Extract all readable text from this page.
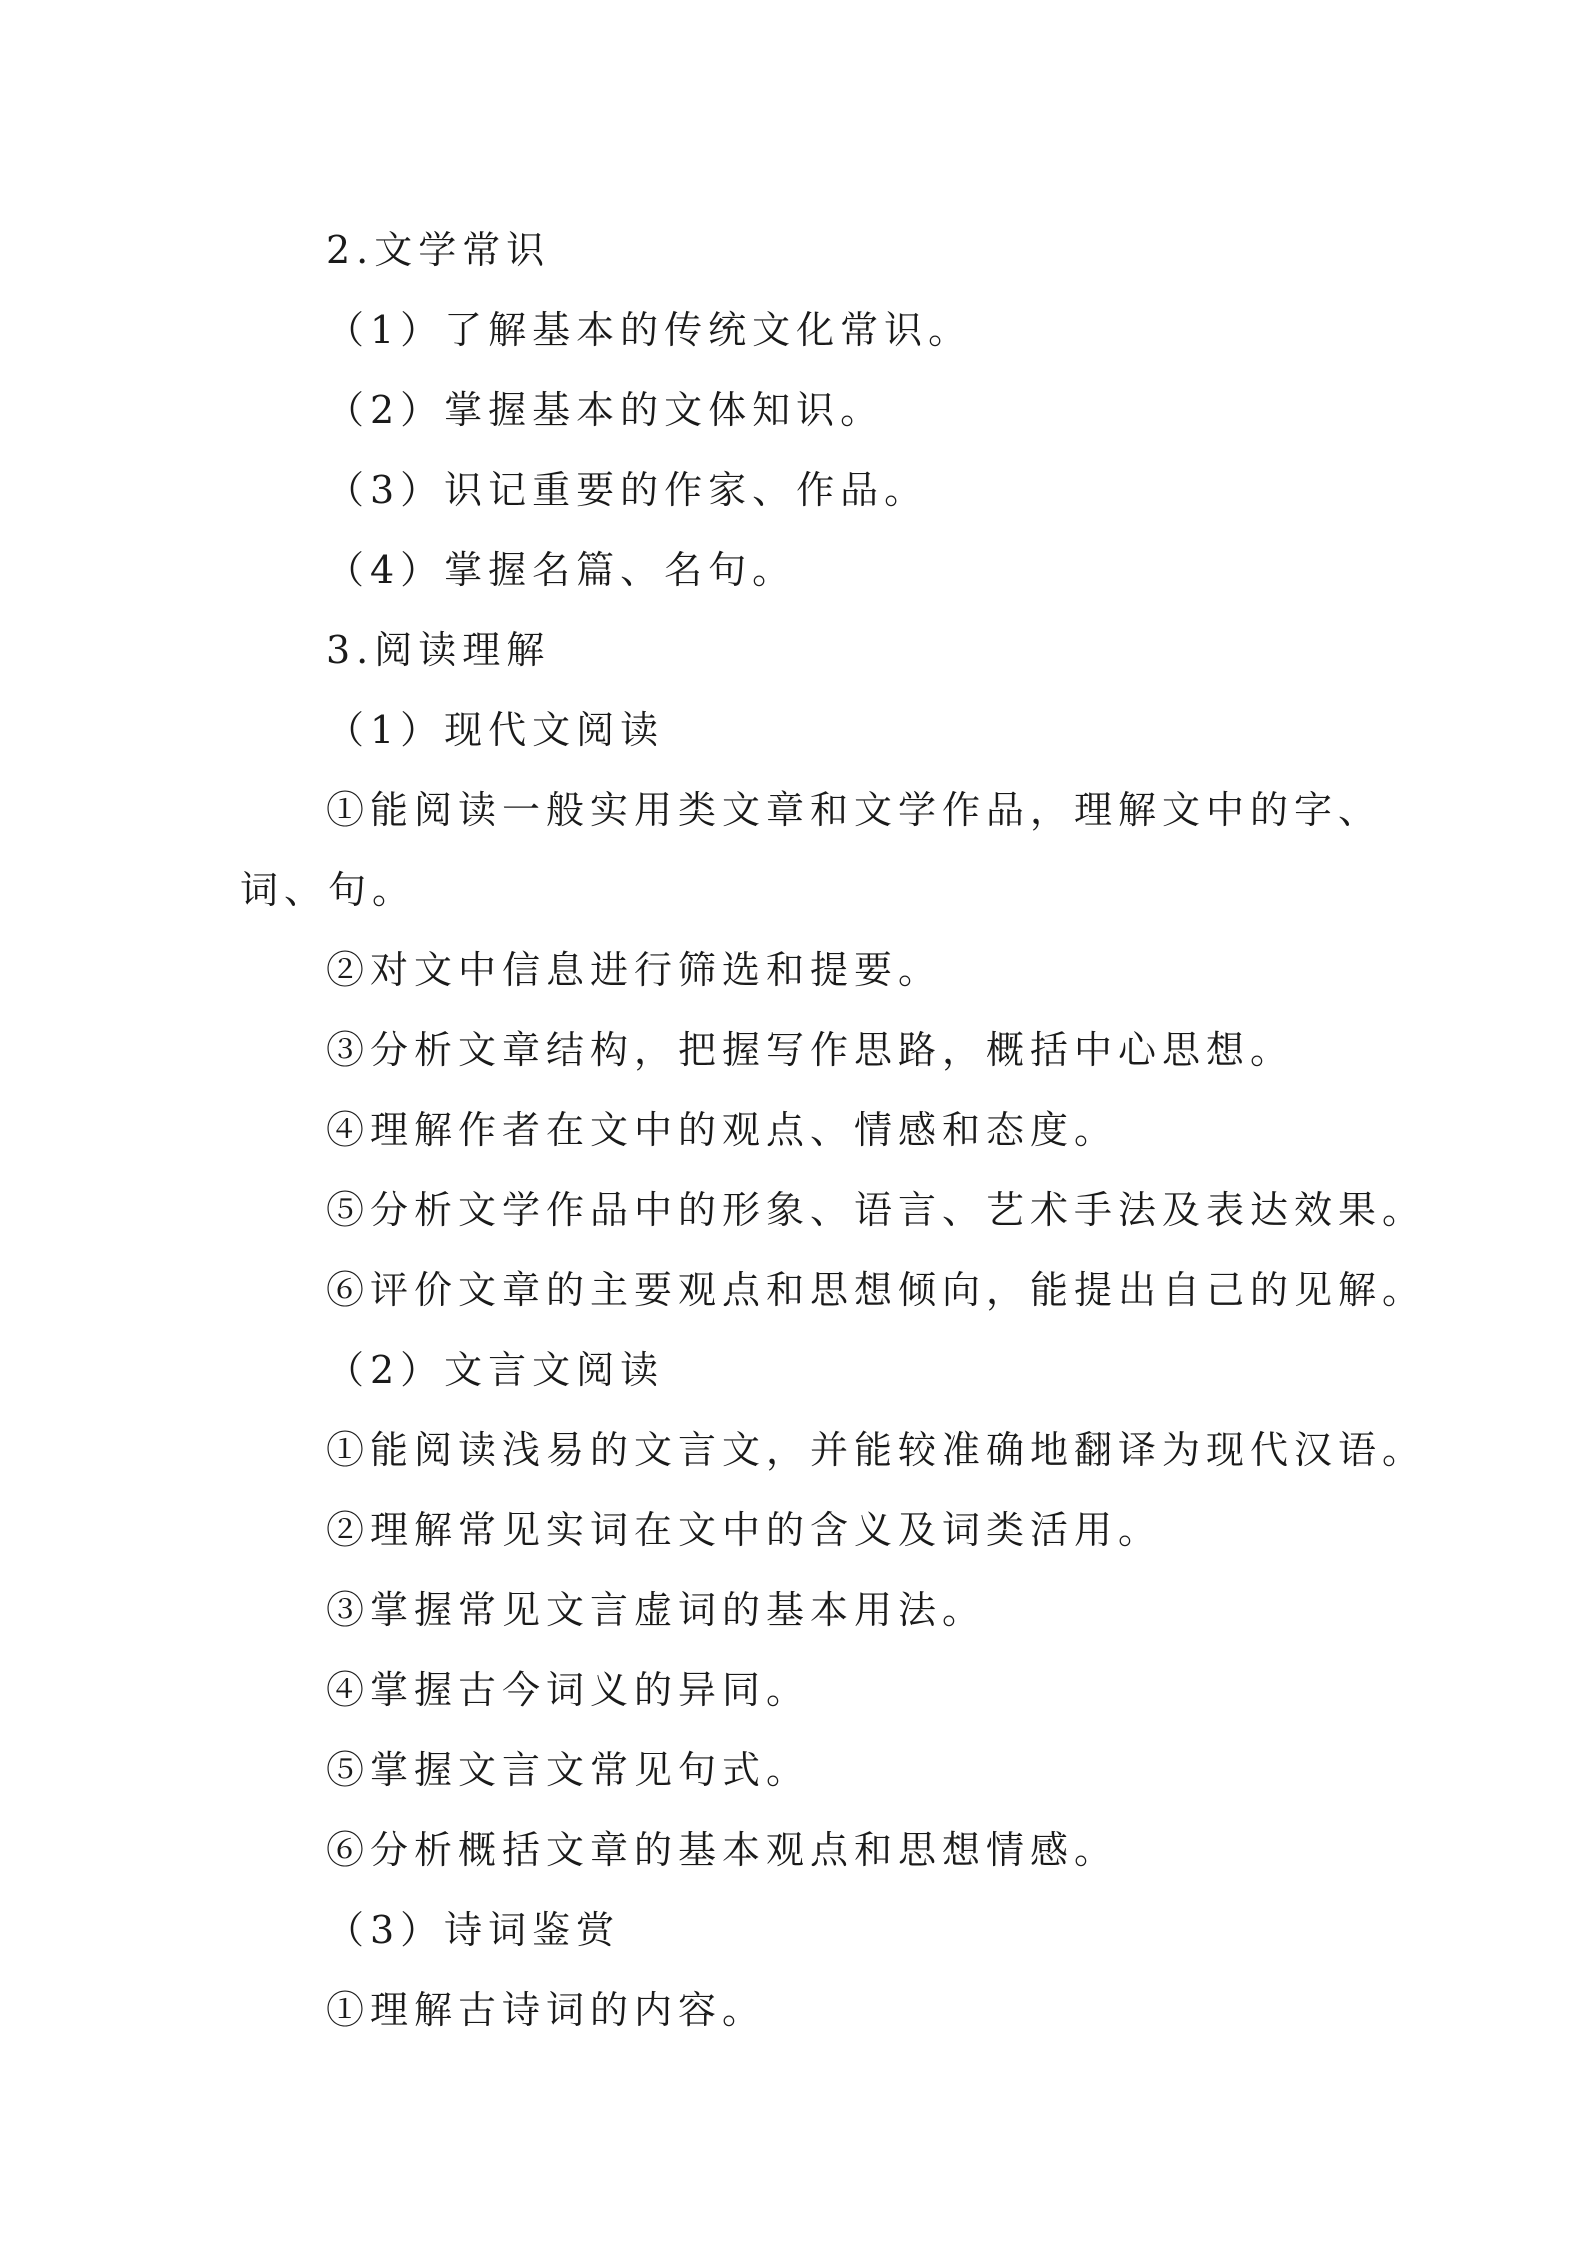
2.文学常识
（1）了解基本的传统文化常识。
（2）掌握基本的文体知识。
（3）识记重要的作家、作品。
（4）掌握名篇、名句。
3.阅读理解
（1）现代文阅读
①能阅读一般实用类文章和文学作品，理解文中的字、
词、句。
②对文中信息进行筛选和提要。
③分析文章结构，把握写作思路，概括中心思想。
④理解作者在文中的观点、情感和态度。
⑤分析文学作品中的形象、语言、艺术手法及表达效果。
⑥评价文章的主要观点和思想倾向，能提出自己的见解。
（2）文言文阅读
①能阅读浅易的文言文，并能较准确地翻译为现代汉语。
②理解常见实词在文中的含义及词类活用。
③掌握常见文言虚词的基本用法。
④掌握古今词义的异同。
⑤掌握文言文常见句式。
⑥分析概括文章的基本观点和思想情感。
（3）诗词鉴赏
①理解古诗词的内容。
